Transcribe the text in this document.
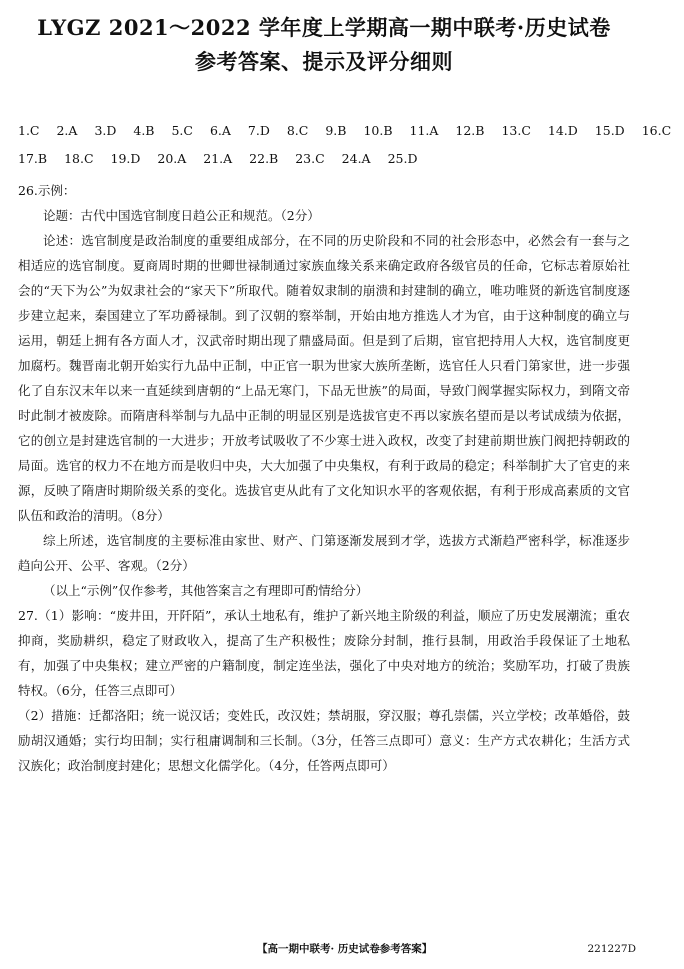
LYGZ 2021～2022 学年度上学期高一期中联考·历史试卷
参考答案、提示及评分细则
1.C 2.A 3.D 4.B 5.C 6.A 7.D 8.C 9.B 10.B 11.A 12.B 13.C 14.D 15.D 16.C
17.B 18.C 19.D 20.A 21.A 22.B 23.C 24.A 25.D

26.示例：

论题：古代中国选官制度日趋公正和规范。（2分）

论述：选官制度是政治制度的重要组成部分，在不同的历史阶段和不同的社会形态中，必然会有一套与之相适应的选官制度。夏商周时期的世卿世禄制通过家族血缘关系来确定政府各级官员的任命，它标志着原始社会的“天下为公”为奴隶社会的“家天下”所取代。随着奴隶制的崩溃和封建制的确立，唯功唯贤的新选官制度逐步建立起来，秦国建立了军功爵禄制。到了汉朝的察举制，开始由地方推选人才为官，由于这种制度的确立与运用，朝廷上拥有各方面人才，汉武帝时期出现了鼎盛局面。但是到了后期，宦官把持用人大权，选官制度更加腐朽。魏晋南北朝开始实行九品中正制，中正官一职为世家大族所垄断，选官任人只看门第家世，进一步强化了自东汉末年以来一直延续到唐朝的“上品无寒门，下品无世族”的局面，导致门阀掌握实际权力，到隋文帝时此制才被废除。而隋唐科举制与九品中正制的明显区别是选拔官吏不再以家族名望而是以考试成绩为依据，它的创立是封建选官制的一大进步；开放考试吸收了不少寒士进入政权，改变了封建前期世族门阀把持朝政的局面。选官的权力不在地方而是收归中央，大大加强了中央集权，有利于政局的稳定；科举制扩大了官吏的来源，反映了隋唐时期阶级关系的变化。选拔官吏从此有了文化知识水平的客观依据，有利于形成高素质的文官队伍和政治的清明。（8分）

综上所述，选官制度的主要标准由家世、财产、门第逐渐发展到才学，选拔方式渐趋严密科学，标准逐步趋向公开、公平、客观。（2分）

（以上“示例”仅作参考，其他答案言之有理即可酌情给分）

27.（1）影响：“废井田，开阡陌”，承认土地私有，维护了新兴地主阶级的利益，顺应了历史发展潮流；重农抑商，奖励耕织，稳定了财政收入，提高了生产积极性；废除分封制，推行县制，用政治手段保证了土地私有，加强了中央集权；建立严密的户籍制度，制定连坐法，强化了中央对地方的统治；奖励军功，打破了贵族特权。（6分，任答三点即可）

（2）措施：迁都洛阳；统一说汉话；变姓氏，改汉姓；禁胡服，穿汉服；尊孔崇儒，兴立学校；改革婚俗，鼓励胡汉通婚；实行均田制；实行租庸调制和三长制。（3分，任答三点即可）意义：生产方式农耕化；生活方式汉族化；政治制度封建化；思想文化儒学化。（4分，任答两点即可）

【高一期中联考· 历史试卷参考答案】	221227D
